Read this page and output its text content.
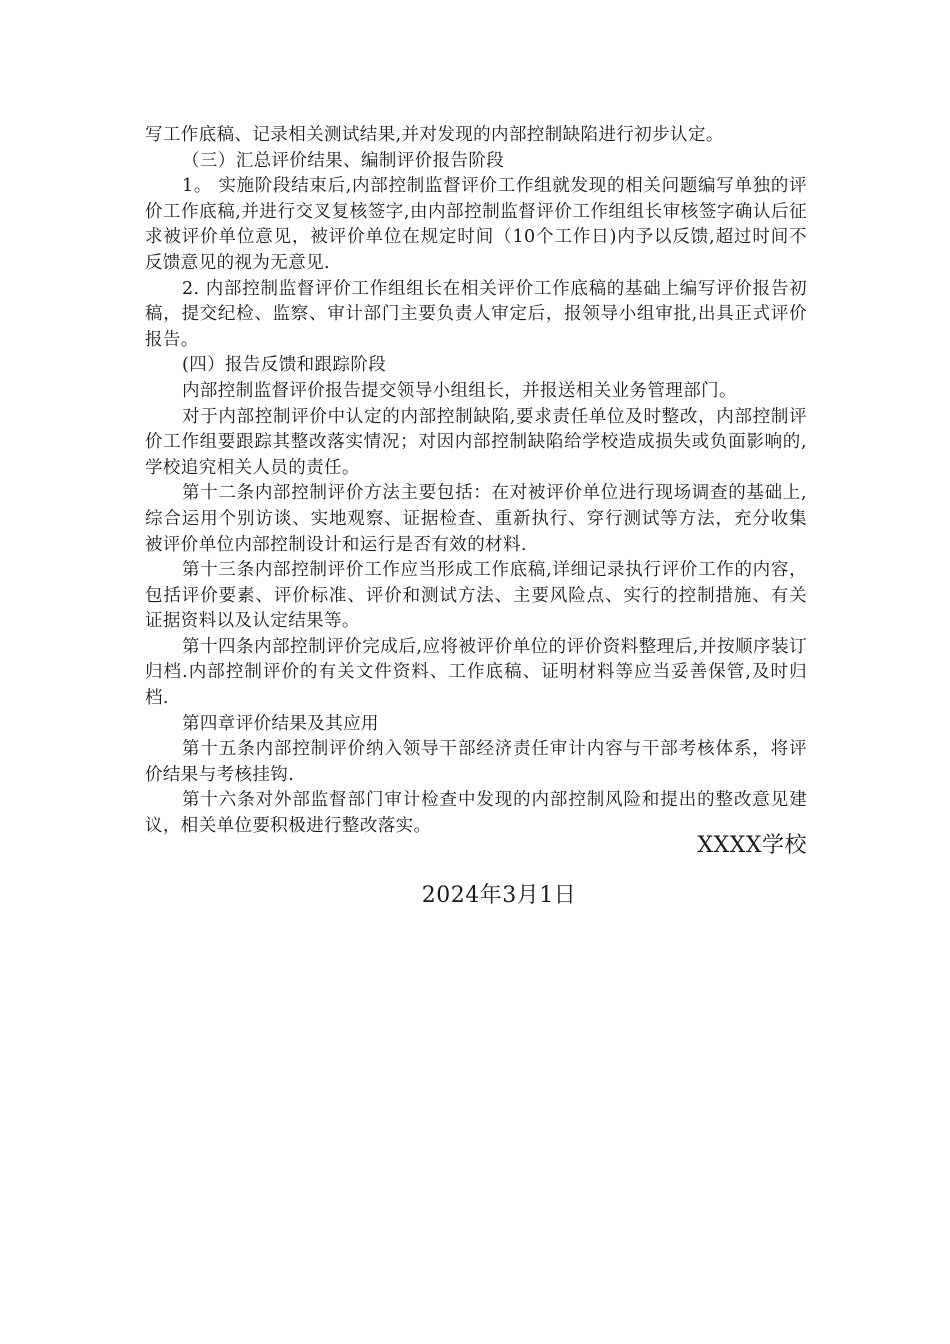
写工作底稿、记录相关测试结果,并对发现的内部控制缺陷进行初步认定。

（三）汇总评价结果、编制评价报告阶段

1。 实施阶段结束后,内部控制监督评价工作组就发现的相关问题编写单独的评价工作底稿,并进行交叉复核签字,由内部控制监督评价工作组组长审核签字确认后征求被评价单位意见，被评价单位在规定时间（10个工作日)内予以反馈,超过时间不反馈意见的视为无意见.

2. 内部控制监督评价工作组组长在相关评价工作底稿的基础上编写评价报告初稿，提交纪检、监察、审计部门主要负责人审定后，报领导小组审批,出具正式评价报告。

(四）报告反馈和跟踪阶段

内部控制监督评价报告提交领导小组组长，并报送相关业务管理部门。

对于内部控制评价中认定的内部控制缺陷,要求责任单位及时整改，内部控制评价工作组要跟踪其整改落实情况；对因内部控制缺陷给学校造成损失或负面影响的,学校追究相关人员的责任。

第十二条内部控制评价方法主要包括：在对被评价单位进行现场调查的基础上,综合运用个别访谈、实地观察、证据检查、重新执行、穿行测试等方法，充分收集被评价单位内部控制设计和运行是否有效的材料.

第十三条内部控制评价工作应当形成工作底稿,详细记录执行评价工作的内容，包括评价要素、评价标准、评价和测试方法、主要风险点、实行的控制措施、有关证据资料以及认定结果等。

第十四条内部控制评价完成后,应将被评价单位的评价资料整理后,并按顺序装订归档.内部控制评价的有关文件资料、工作底稿、证明材料等应当妥善保管,及时归档.

第四章评价结果及其应用

第十五条内部控制评价纳入领导干部经济责任审计内容与干部考核体系，将评价结果与考核挂钩.

第十六条对外部监督部门审计检查中发现的内部控制风险和提出的整改意见建议，相关单位要积极进行整改落实。

XXXX学校
2024年3月1日
